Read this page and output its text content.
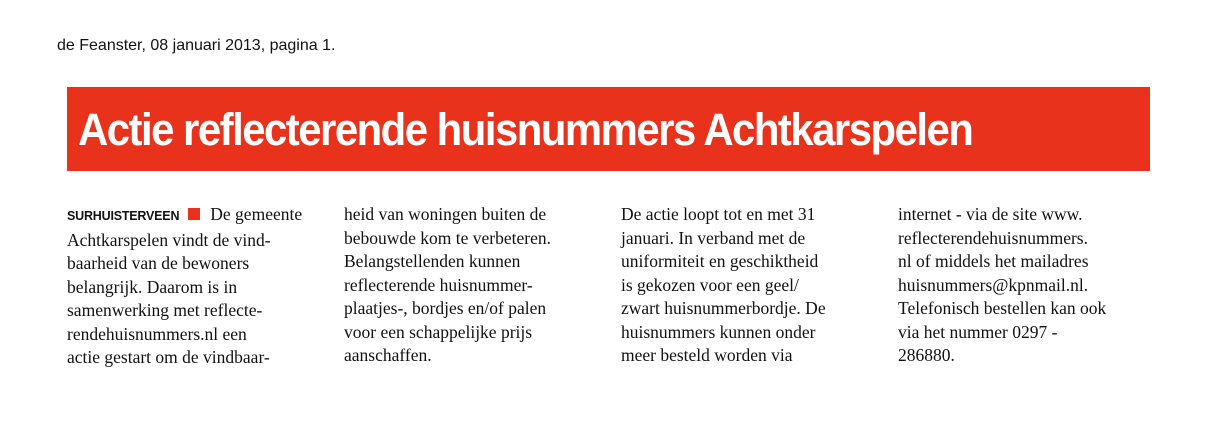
de Feanster, 08 januari 2013, pagina 1.
Actie reflecterende huisnummers Achtkarspelen
SURHUISTERVEEN De gemeente
Achtkarspelen vindt de vind-
baarheid van de bewoners
belangrijk. Daarom is in
samenwerking met reflecte-
rendehuisnummers.nl een
actie gestart om de vindbaar-
heid van woningen buiten de
bebouwde kom te verbeteren.
Belangstellenden kunnen
reflecterende huisnummer-
plaatjes-, bordjes en/of palen
voor een schappelijke prijs
aanschaffen.
De actie loopt tot en met 31
januari. In verband met de
uniformiteit en geschiktheid
is gekozen voor een geel/
zwart huisnummerbordje. De
huisnummers kunnen onder
meer besteld worden via
internet - via de site www.
reflecterendehuisnummers.
nl of middels het mailadres
huisnummers@kpnmail.nl.
Telefonisch bestellen kan ook
via het nummer 0297 -
286880.
